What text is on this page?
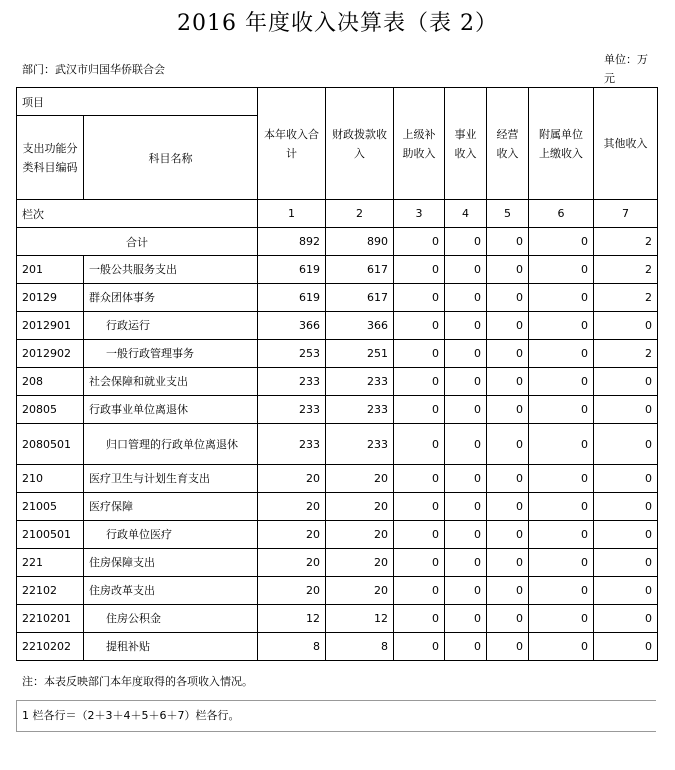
2016 年度收入决算表（表 2）
部门：武汉市归国华侨联合会
单位：万元
项目		本年收入合计	财政拨款收入	上级补助收入	事业收入	经营收入	附属单位上缴收入	其他收入
支出功能分类科目编码	科目名称							
栏次		1	2	3	4	5	6	7
合计		892	890	0	0	0	0	2
201	一般公共服务支出	619	617	0	0	0	0	2
20129	群众团体事务	619	617	0	0	0	0	2
2012901	行政运行	366	366	0	0	0	0	0
2012902	一般行政管理事务	253	251	0	0	0	0	2
208	社会保障和就业支出	233	233	0	0	0	0	0
20805	行政事业单位离退休	233	233	0	0	0	0	0
2080501	归口管理的行政单位离退休	233	233	0	0	0	0	0
210	医疗卫生与计划生育支出	20	20	0	0	0	0	0
21005	医疗保障	20	20	0	0	0	0	0
2100501	行政单位医疗	20	20	0	0	0	0	0
221	住房保障支出	20	20	0	0	0	0	0
22102	住房改革支出	20	20	0	0	0	0	0
2210201	住房公积金	12	12	0	0	0	0	0
2210202	提租补贴	8	8	0	0	0	0	0
注：本表反映部门本年度取得的各项收入情况。
1 栏各行＝（2＋3＋4＋5＋6＋7）栏各行。
